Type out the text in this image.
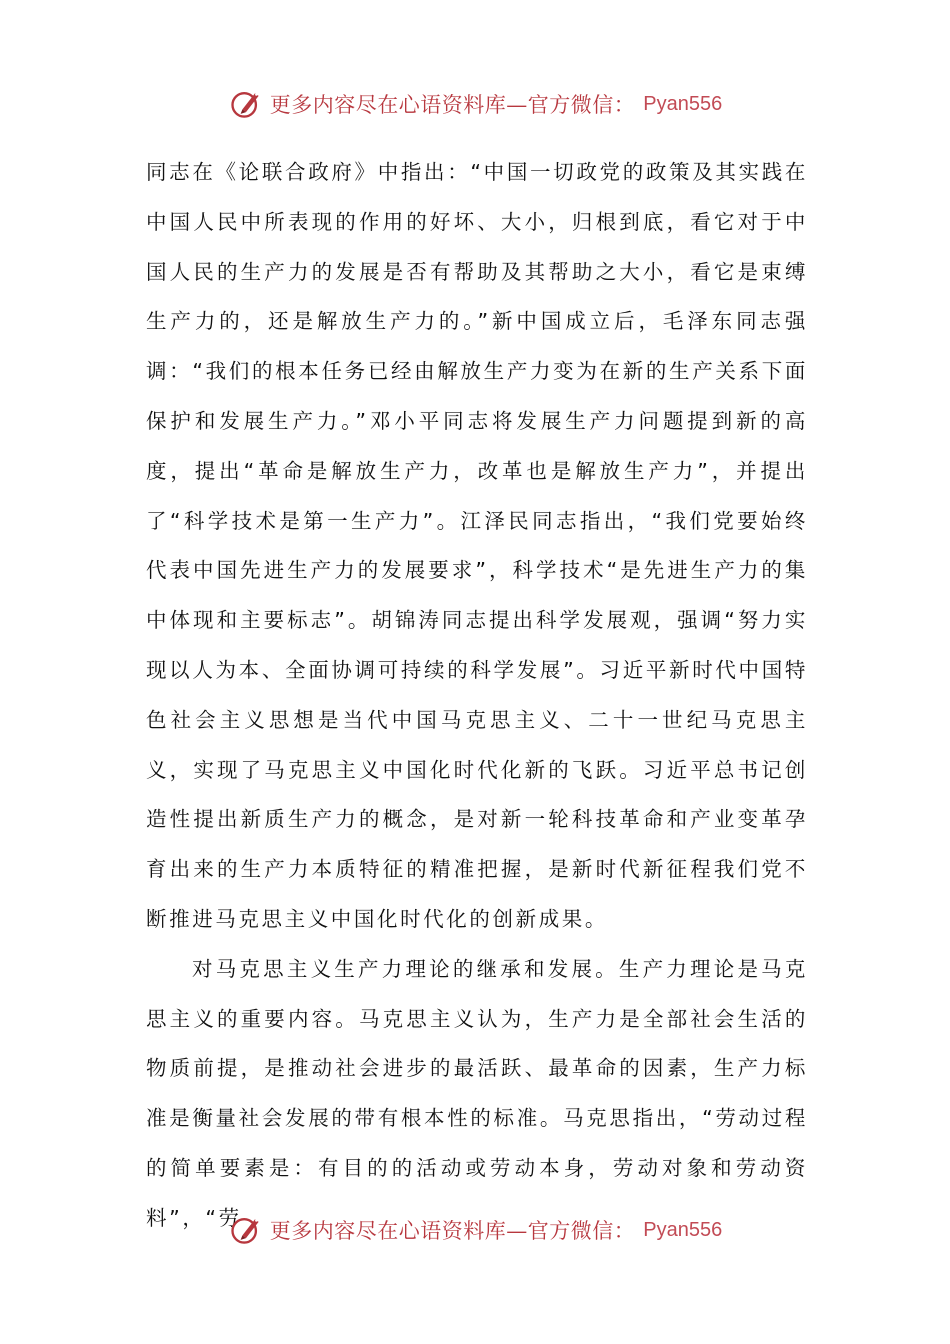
更多内容尽在心语资料库—官方微信： Pyan556

同志在《论联合政府》中指出：“中国一切政党的政策及其实践在中国人民中所表现的作用的好坏、大小，归根到底，看它对于中国人民的生产力的发展是否有帮助及其帮助之大小，看它是束缚生产力的，还是解放生产力的。”新中国成立后，毛泽东同志强调：“我们的根本任务已经由解放生产力变为在新的生产关系下面保护和发展生产力。”邓小平同志将发展生产力问题提到新的高度，提出“革命是解放生产力，改革也是解放生产力”，并提出了“科学技术是第一生产力”。江泽民同志指出，“我们党要始终代表中国先进生产力的发展要求”，科学技术“是先进生产力的集中体现和主要标志”。胡锦涛同志提出科学发展观，强调“努力实现以人为本、全面协调可持续的科学发展”。习近平新时代中国特色社会主义思想是当代中国马克思主义、二十一世纪马克思主义，实现了马克思主义中国化时代化新的飞跃。习近平总书记创造性提出新质生产力的概念，是对新一轮科技革命和产业变革孕育出来的生产力本质特征的精准把握，是新时代新征程我们党不断推进马克思主义中国化时代化的创新成果。

对马克思主义生产力理论的继承和发展。生产力理论是马克思主义的重要内容。马克思主义认为，生产力是全部社会生活的物质前提，是推动社会进步的最活跃、最革命的因素，生产力标准是衡量社会发展的带有根本性的标准。马克思指出，“劳动过程的简单要素是：有目的的活动或劳动本身，劳动对象和劳动资料”，“劳

更多内容尽在心语资料库—官方微信： Pyan556
